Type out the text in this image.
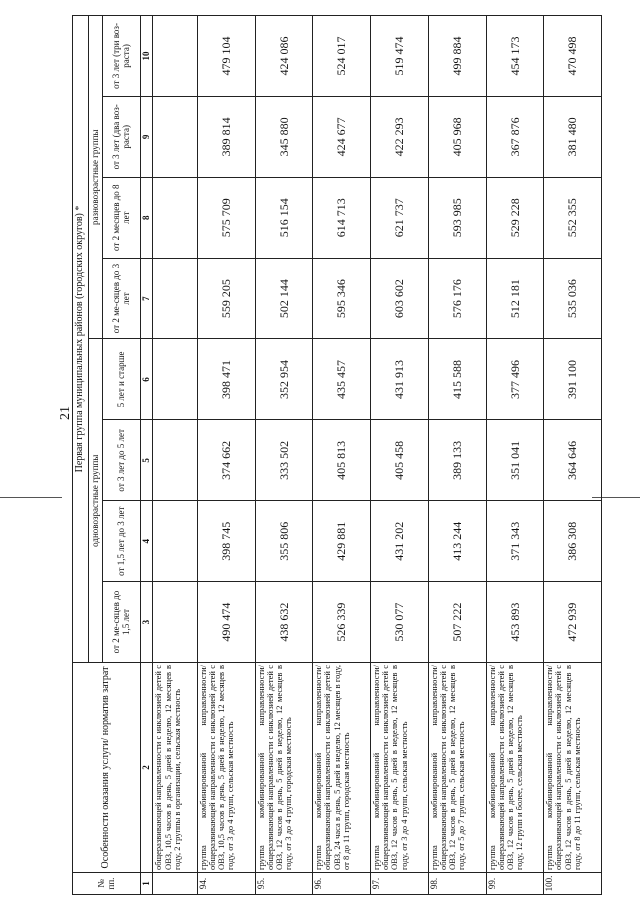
21
№ пп.	Особенности оказания услуги/ норматив затрат	Первая группа муниципальных районов (городских округов) *							
		одновозрастные группы				разновозрастные группы			
		от 2 ме-сяцев до 1,5 лет	от 1,5 лет до 3 лет	от 3 лет до 5 лет	5 лет и старше	от 2 ме-сяцев до 3 лет	от 2 месяцев до 8 лет	от 3 лет (два воз-раста)	от 3 лет (три воз-раста)
1	2	3	4	5	6	7	8	9	10
	общеразвивающей направленности с инклюзией детей с ОВЗ, 10,5 часов в день, 5 дней в неделю, 12 месяцев в году, 2 группы в организации, сельская местность								
94.	группа комбинированной направленности/ общеразвивающей направленности с инклюзией детей с ОВЗ, 10,5 часов в день, 5 дней в неделю, 12 месяцев в году, от 3 до 4 групп, сельская местность	490 474	398 745	374 662	398 471	559 205	575 709	389 814	479 104
95.	группа комбинированной направленности/общеразвивающей направленности с инклюзией детей с ОВЗ, 12 часов в день, 5 дней в неделю, 12 месяцев в году, от 3 до 4 групп, городская местность	438 632	355 806	333 502	352 954	502 144	516 154	345 880	424 086
96.	группа комбинированной направленности/ общеразвивающей направленности с инклюзией детей с ОВЗ, 24 часа в день, 5 дней в неделю, 12 месяцев в году, от 8 до 11 групп, городская местность	526 339	429 881	405 813	435 457	595 346	614 713	424 677	524 017
97.	группа комбинированной направленности/ общеразвивающей направленности с инклюзией детей с ОВЗ, 12 часов в день, 5 дней в неделю, 12 месяцев в году, от 3 до 4 групп, сельская местность	530 077	431 202	405 458	431 913	603 602	621 737	422 293	519 474
98.	группа комбинированной направленности/ общеразвивающей направленности с инклюзией детей с ОВЗ, 12 часов в день, 5 дней в неделю, 12 месяцев в году, от 5 до 7 групп, сельская местность	507 222	413 244	389 133	415 588	576 176	593 985	405 968	499 884
99.	группа комбинированной направленности/ общеразвивающей направленности с инклюзией детей с ОВЗ, 12 часов в день, 5 дней в неделю, 12 месяцев в году, 12 групп и более, сельская местность	453 893	371 343	351 041	377 496	512 181	529 228	367 876	454 173
100.	группа комбинированной направленности/ общеразвивающей направленности с инклюзией детей с ОВЗ, 12 часов в день, 5 дней в неделю, 12 месяцев в году, от 8 до 11 групп, сельская местность	472 939	386 308	364 646	391 100	535 036	552 355	381 480	470 498
